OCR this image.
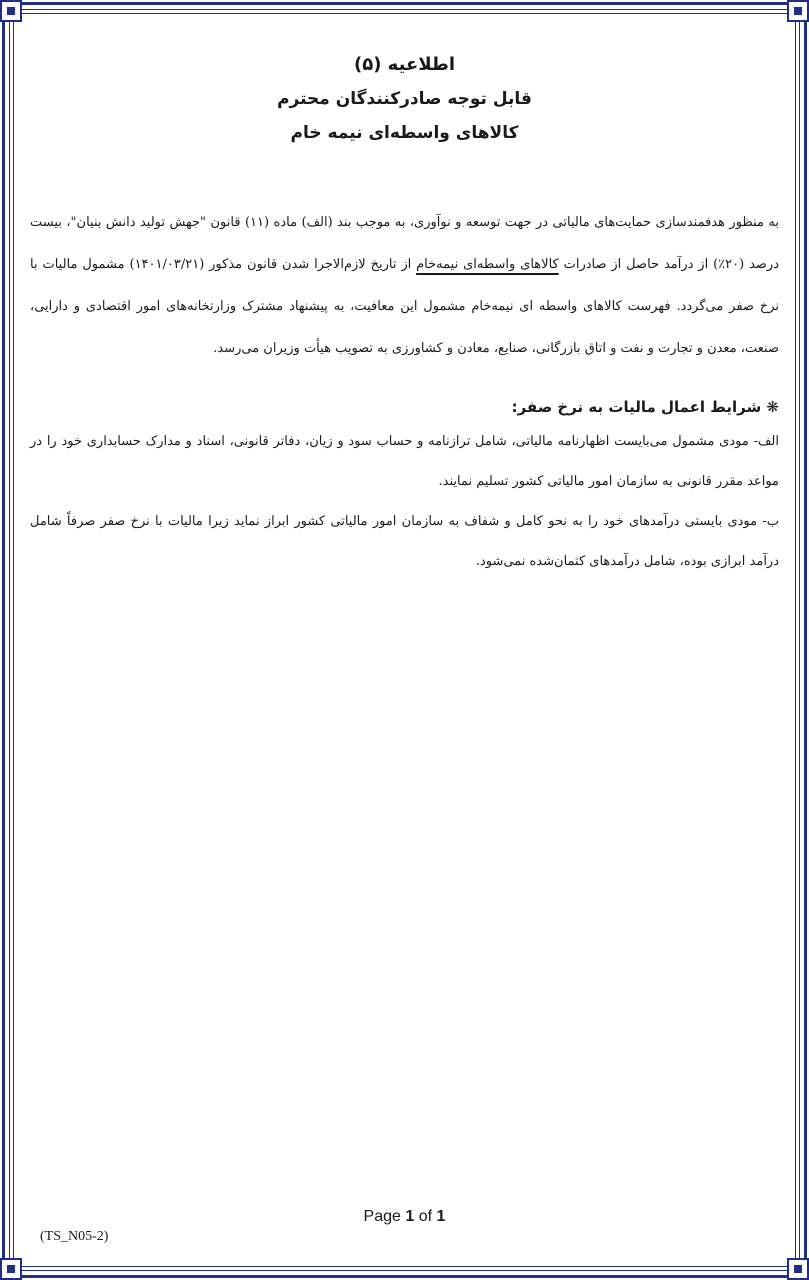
اطلاعیه (۵)
قابل توجه صادرکنندگان محترم
کالاهای واسطه‌ای نیمه خام
به منظور هدفمندسازی حمایت‌های مالیاتی در جهت توسعه و نوآوری، به موجب بند (الف) ماده (۱۱) قانون "جهش تولید دانش بنیان"، بیست درصد (۲۰٪) از درآمد حاصل از صادرات کالاهای واسطه‌ای نیمه‌خام از تاریخ لازم‌الاجرا شدن قانون مذکور (۱۴۰۱/۰۳/۲۱) مشمول مالیات با نرخ صفر می‌گردد. فهرست کالاهای واسطه ای نیمه‌خام مشمول این معافیت، به پیشنهاد مشترک وزارتخانه‌های امور اقتصادی و دارایی، صنعت، معدن و تجارت و نفت و اتاق بازرگانی، صنایع، معادن و کشاورزی به تصویب هیأت وزیران می‌رسد.
❋ شرایط اعمال مالیات به نرخ صفر:
الف- مودی مشمول می‌بایست اظهارنامه مالیاتی، شامل ترازنامه و حساب سود و زیان، دفاتر قانونی، اسناد و مدارک حسابداری خود را در مواعد مقرر قانونی به سازمان امور مالیاتی کشور تسلیم نمایند.
ب- مودی بایستی درآمدهای خود را به نحو کامل و شفاف به سازمان امور مالیاتی کشور ابراز نماید زیرا مالیات با نرخ صفر صرفاً شامل درآمد ابرازی بوده، شامل درآمدهای کتمان‌شده نمی‌شود.
Page 1 of 1
(TS_N05-2)
